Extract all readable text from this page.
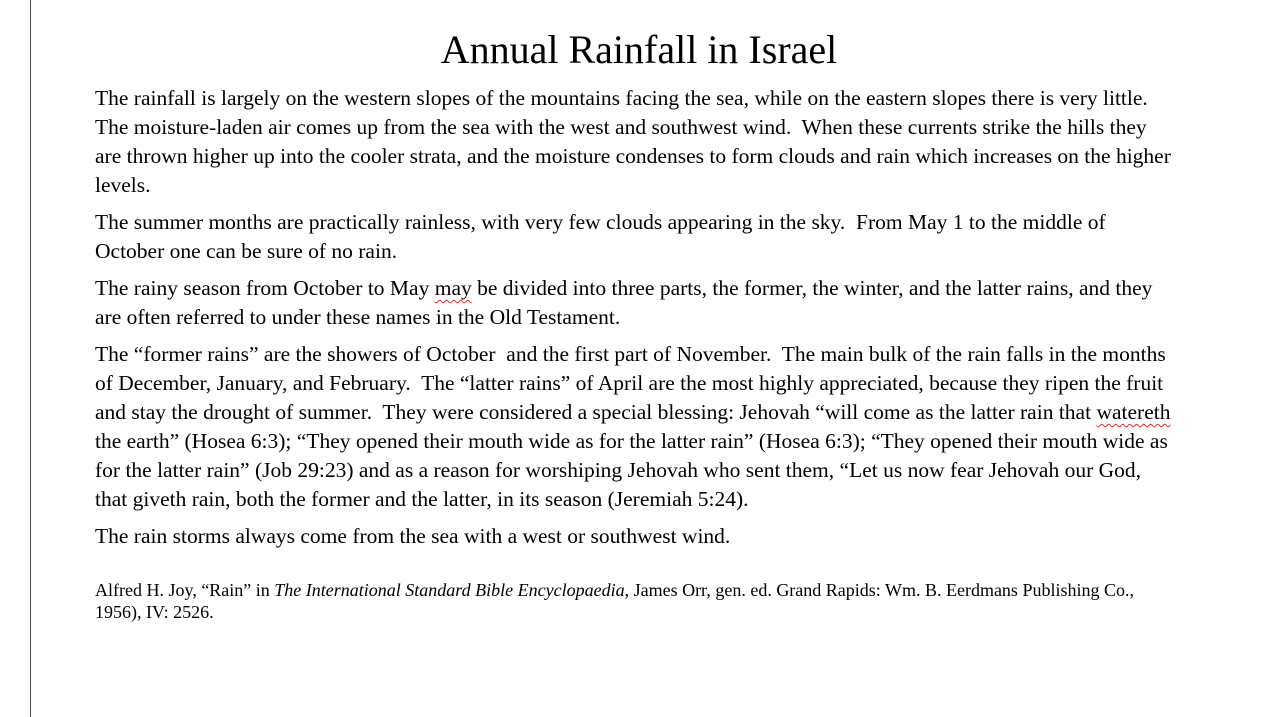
Annual Rainfall in Israel

The rainfall is largely on the western slopes of the mountains facing the sea, while on the eastern slopes there is very little.  The moisture-laden air comes up from the sea with the west and southwest wind.  When these currents strike the hills they are thrown higher up into the cooler strata, and the moisture condenses to form clouds and rain which increases on the higher levels.

The summer months are practically rainless, with very few clouds appearing in the sky.  From May 1 to the middle of October one can be sure of no rain.

The rainy season from October to May may be divided into three parts, the former, the winter, and the latter rains, and they are often referred to under these names in the Old Testament.

The “former rains” are the showers of October  and the first part of November.  The main bulk of the rain falls in the months of December, January, and February.  The “latter rains” of April are the most highly appreciated, because they ripen the fruit and stay the drought of summer.  They were considered a special blessing: Jehovah “will come as the latter rain that watereth the earth” (Hosea 6:3); “They opened their mouth wide as for the latter rain” (Hosea 6:3); “They opened their mouth wide as for the latter rain” (Job 29:23) and as a reason for worshiping Jehovah who sent them, “Let us now fear Jehovah our God, that giveth rain, both the former and the latter, in its season (Jeremiah 5:24).

The rain storms always come from the sea with a west or southwest wind.

Alfred H. Joy, “Rain” in The International Standard Bible Encyclopaedia, James Orr, gen. ed. Grand Rapids: Wm. B. Eerdmans Publishing Co., 1956), IV: 2526.
